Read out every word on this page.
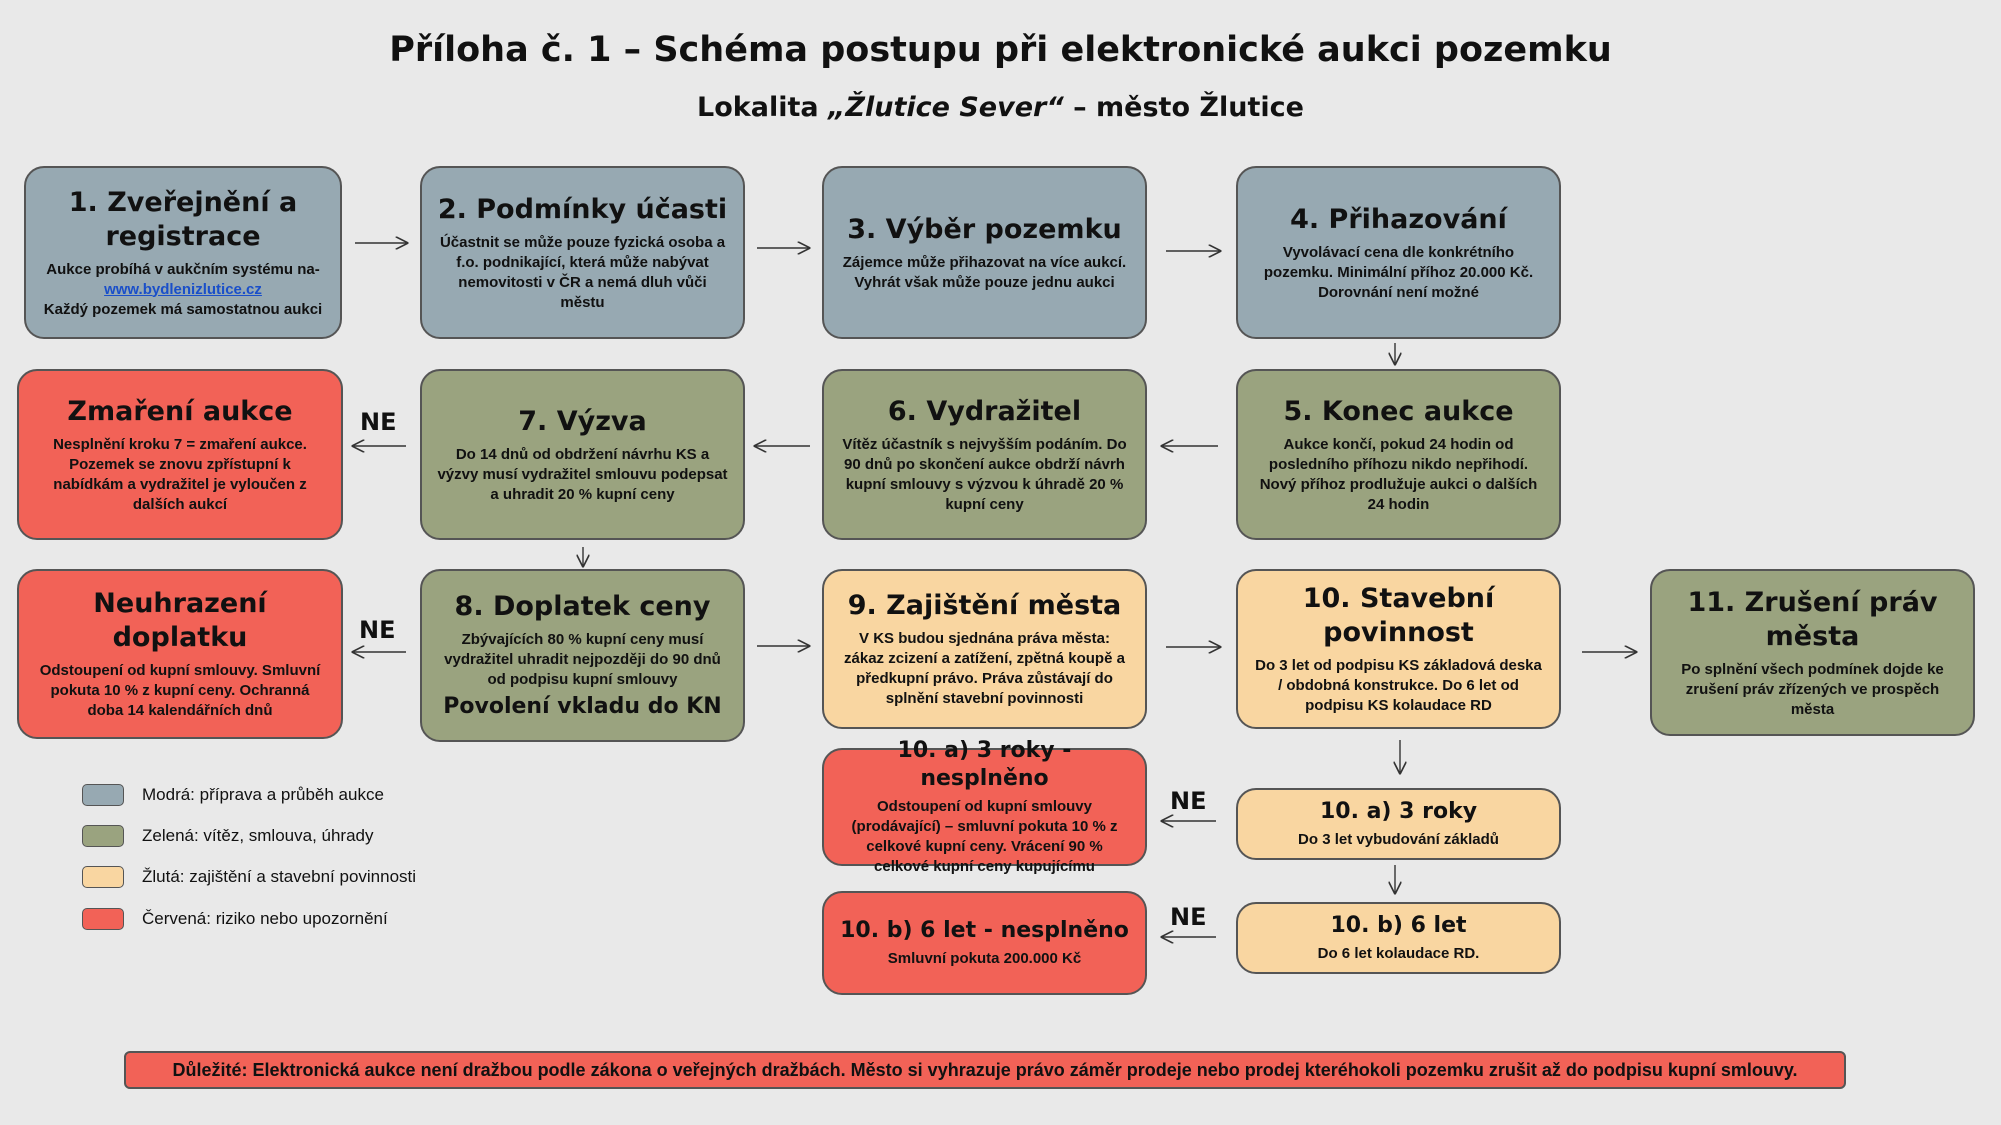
Příloha č. 1 – Schéma postupu při elektronické aukci pozemku
Lokalita „Žlutice Sever“ – město Žlutice
1. Zveřejnění a registrace
Aukce probíhá v aukčním systému na- www.bydlenizlutice.cz
Každý pozemek má samostatnou aukci
2. Podmínky účasti
Účastnit se může pouze fyzická osoba a f.o. podnikající, která může nabývat nemovitosti v ČR a nemá dluh vůči městu
3. Výběr pozemku
Zájemce může přihazovat na více aukcí. Vyhrát však může pouze jednu aukci
4. Přihazování
Vyvolávací cena dle konkrétního pozemku. Minimální příhoz 20.000 Kč. Dorovnání není možné
Zmaření aukce
Nesplnění kroku 7 = zmaření aukce. Pozemek se znovu zpřístupní k nabídkám a vydražitel je vyloučen z dalších aukcí
7. Výzva
Do 14 dnů od obdržení návrhu KS a výzvy musí vydražitel smlouvu podepsat a uhradit 20 % kupní ceny
6. Vydražitel
Vítěz účastník s nejvyšším podáním. Do 90 dnů po skončení aukce obdrží návrh kupní smlouvy s výzvou k úhradě 20 % kupní ceny
5. Konec aukce
Aukce končí, pokud 24 hodin od posledního příhozu nikdo nepřihodí. Nový příhoz prodlužuje aukci o dalších 24 hodin
Neuhrazení doplatku
Odstoupení od kupní smlouvy. Smluvní pokuta 10 % z kupní ceny. Ochranná doba 14 kalendářních dnů
8. Doplatek ceny
Zbývajících 80 % kupní ceny musí vydražitel uhradit nejpozději do 90 dnů od podpisu kupní smlouvy
Povolení vkladu do KN
9. Zajištění města
V KS budou sjednána práva města: zákaz zcizení a zatížení, zpětná koupě a předkupní právo. Práva zůstávají do splnění stavební povinnosti
10. Stavební povinnost
Do 3 let od podpisu KS základová deska / obdobná konstrukce. Do 6 let od podpisu KS kolaudace RD
11. Zrušení práv města
Po splnění všech podmínek dojde ke zrušení práv zřízených ve prospěch města
10. a) 3 roky - nesplněno
Odstoupení od kupní smlouvy (prodávající) – smluvní pokuta 10 % z celkové kupní ceny. Vrácení 90 % celkové kupní ceny kupujícímu
10. a) 3 roky
Do 3 let vybudování základů
10. b) 6 let - nesplněno
Smluvní pokuta 200.000 Kč
10. b) 6 let
Do 6 let kolaudace RD.
NE
NE
NE
NE
Modrá: příprava a průběh aukce
Zelená: vítěz, smlouva, úhrady
Žlutá: zajištění a stavební povinnosti
Červená: riziko nebo upozornění
Důležité: Elektronická aukce není dražbou podle zákona o veřejných dražbách. Město si vyhrazuje právo záměr prodeje nebo prodej kteréhokoli pozemku zrušit až do podpisu kupní smlouvy.
